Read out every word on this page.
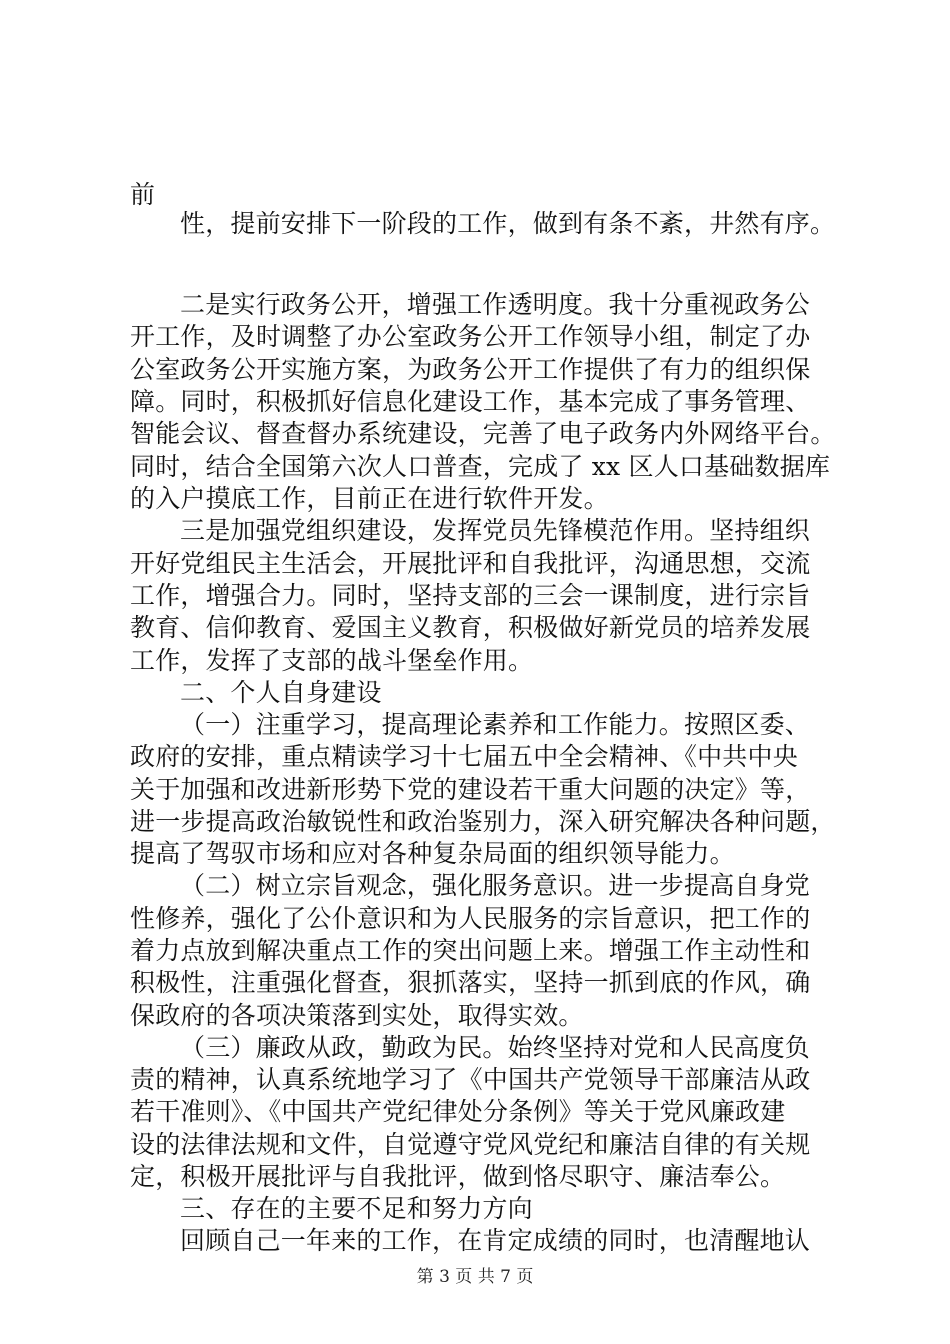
前
性，提前安排下一阶段的工作，做到有条不紊，井然有序。
二是实行政务公开，增强工作透明度。我十分重视政务公
开工作，及时调整了办公室政务公开工作领导小组，制定了办
公室政务公开实施方案，为政务公开工作提供了有力的组织保
障。同时，积极抓好信息化建设工作，基本完成了事务管理、
智能会议、督查督办系统建设，完善了电子政务内外网络平台。
同时，结合全国第六次人口普查，完成了 xx 区人口基础数据库
的入户摸底工作，目前正在进行软件开发。
三是加强党组织建设，发挥党员先锋模范作用。坚持组织
开好党组民主生活会，开展批评和自我批评，沟通思想，交流
工作，增强合力。同时，坚持支部的三会一课制度，进行宗旨
教育、信仰教育、爱国主义教育，积极做好新党员的培养发展
工作，发挥了支部的战斗堡垒作用。
二、个人自身建设
（一）注重学习，提高理论素养和工作能力。按照区委、
政府的安排，重点精读学习十七届五中全会精神、《中共中央
关于加强和改进新形势下党的建设若干重大问题的决定》等，
进一步提高政治敏锐性和政治鉴别力，深入研究解决各种问题，
提高了驾驭市场和应对各种复杂局面的组织领导能力。
（二）树立宗旨观念，强化服务意识。进一步提高自身党
性修养，强化了公仆意识和为人民服务的宗旨意识，把工作的
着力点放到解决重点工作的突出问题上来。增强工作主动性和
积极性，注重强化督查，狠抓落实，坚持一抓到底的作风，确
保政府的各项决策落到实处，取得实效。
（三）廉政从政，勤政为民。始终坚持对党和人民高度负
责的精神，认真系统地学习了《中国共产党领导干部廉洁从政
若干准则》、《中国共产党纪律处分条例》等关于党风廉政建
设的法律法规和文件，自觉遵守党风党纪和廉洁自律的有关规
定，积极开展批评与自我批评，做到恪尽职守、廉洁奉公。
三、存在的主要不足和努力方向
回顾自己一年来的工作，在肯定成绩的同时，也清醒地认
第 3 页 共 7 页
